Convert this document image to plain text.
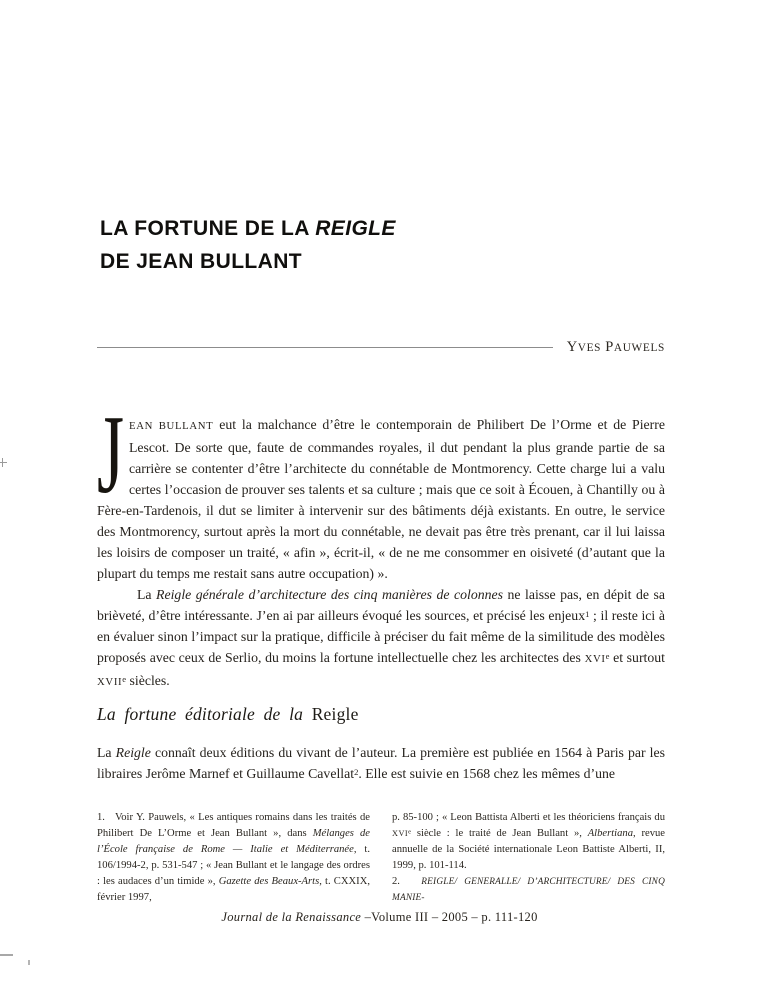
LA FORTUNE DE LA REIGLE
DE JEAN BULLANT
YVES PAUWELS

J EAN BULLANT eut la malchance d’être le contemporain de Philibert De l’Orme et de Pierre Lescot. De sorte que, faute de commandes royales, il dut pendant la plus grande partie de sa carrière se contenter d’être l’architecte du connétable de Montmorency. Cette charge lui a valu certes l’occasion de prouver ses talents et sa culture ; mais que ce soit à Écouen, à Chantilly ou à Fère-en-Tardenois, il dut se limiter à intervenir sur des bâtiments déjà existants. En outre, le service des Montmorency, surtout après la mort du connétable, ne devait pas être très prenant, car il lui laissa les loisirs de composer un traité, « afin », écrit-il, « de ne me consommer en oisiveté (d’autant que la plupart du temps me restait sans autre occupation) ».

La Reigle générale d’architecture des cinq manières de colonnes ne laisse pas, en dépit de sa brièveté, d’être intéressante. J’en ai par ailleurs évoqué les sources, et précisé les enjeux$^1$ ; il reste ici à en évaluer sinon l’impact sur la pratique, difficile à préciser du fait même de la similitude des modèles proposés avec ceux de Serlio, du moins la fortune intellectuelle chez les architectes des XVIe et surtout XVIIe siècles.

La fortune éditoriale de la Reigle

La Reigle connaît deux éditions du vivant de l’auteur. La première est publiée en 1564 à Paris par les libraires Jerôme Marnef et Guillaume Cavellat$^2$. Elle est suivie en 1568 chez les mêmes d’une

1.   Voir Y. Pauwels, « Les antiques romains dans les traités de Philibert De L’Orme et Jean Bullant », dans Mélanges de l’École française de Rome — Italie et Méditerranée, t. 106/1994-2, p. 531-547 ; « Jean Bullant et le langage des ordres : les audaces d’un timide », Gazette des Beaux-Arts, t. CXXIX, février 1997,

p. 85-100 ; « Leon Battista Alberti et les théoriciens français du XVIe siècle : le traité de Jean Bullant », Albertiana, revue annuelle de la Société internationale Leon Battiste Alberti, II, 1999, p. 101-114.

2.   REIGLE/ GENERALLE/ D’ARCHITECTURE/ DES CINQ MANIE-

Journal de la Renaissance –Volume III – 2005 – p. 111-120
